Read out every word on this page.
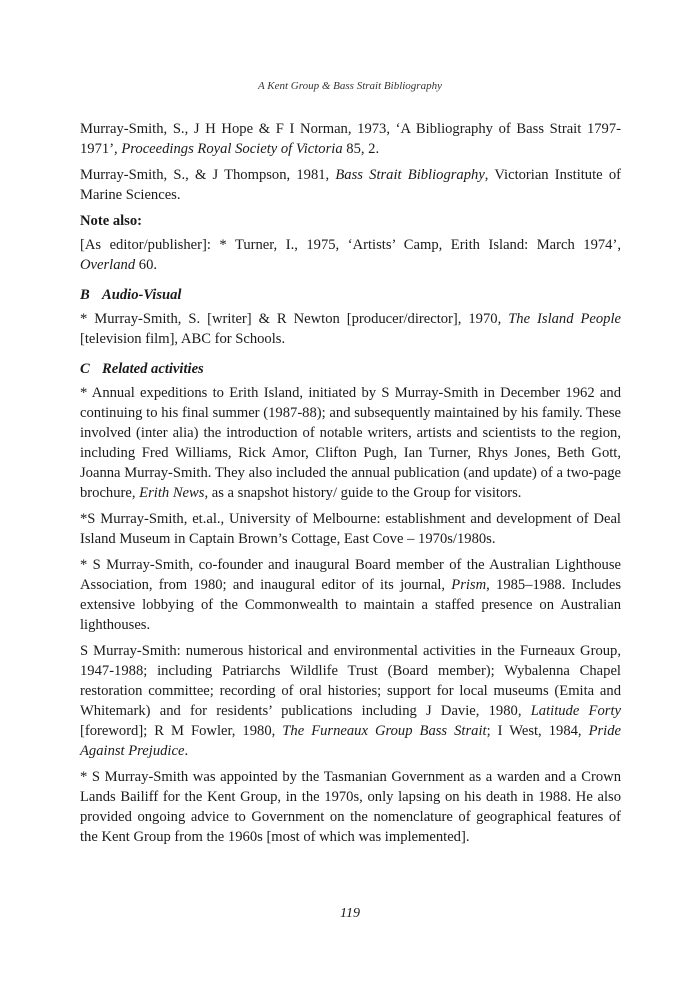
A Kent Group & Bass Strait Bibliography

Murray-Smith, S., J H Hope & F I Norman, 1973, ‘A Bibliography of Bass Strait 1797-1971’, Proceedings Royal Society of Victoria 85, 2.

Murray-Smith, S., & J Thompson, 1981, Bass Strait Bibliography, Victorian Institute of Marine Sciences.

Note also:

[As editor/publisher]: * Turner, I., 1975, ‘Artists’ Camp, Erith Island: March 1974’, Overland 60.

B Audio-Visual

* Murray-Smith, S. [writer] & R Newton [producer/director], 1970, The Island People [television film], ABC for Schools.

C Related activities

* Annual expeditions to Erith Island, initiated by S Murray-Smith in December 1962 and continuing to his final summer (1987-88); and subsequently maintained by his family. These involved (inter alia) the introduction of notable writers, artists and scientists to the region, including Fred Williams, Rick Amor, Clifton Pugh, Ian Turner, Rhys Jones, Beth Gott, Joanna Murray-Smith. They also included the annual publication (and update) of a two-page brochure, Erith News, as a snapshot history/ guide to the Group for visitors.

*S Murray-Smith, et.al., University of Melbourne: establishment and development of Deal Island Museum in Captain Brown’s Cottage, East Cove – 1970s/1980s.

* S Murray-Smith, co-founder and inaugural Board member of the Australian Lighthouse Association, from 1980; and inaugural editor of its journal, Prism, 1985–1988. Includes extensive lobbying of the Commonwealth to maintain a staffed presence on Australian lighthouses.

S Murray-Smith: numerous historical and environmental activities in the Furneaux Group, 1947-1988; including Patriarchs Wildlife Trust (Board member); Wybalenna Chapel restoration committee; recording of oral histories; support for local museums (Emita and Whitemark) and for residents’ publications including J Davie, 1980, Latitude Forty [foreword]; R M Fowler, 1980, The Furneaux Group Bass Strait; I West, 1984, Pride Against Prejudice.

* S Murray-Smith was appointed by the Tasmanian Government as a warden and a Crown Lands Bailiff for the Kent Group, in the 1970s, only lapsing on his death in 1988. He also provided ongoing advice to Government on the nomenclature of geographical features of the Kent Group from the 1960s [most of which was implemented].

119
